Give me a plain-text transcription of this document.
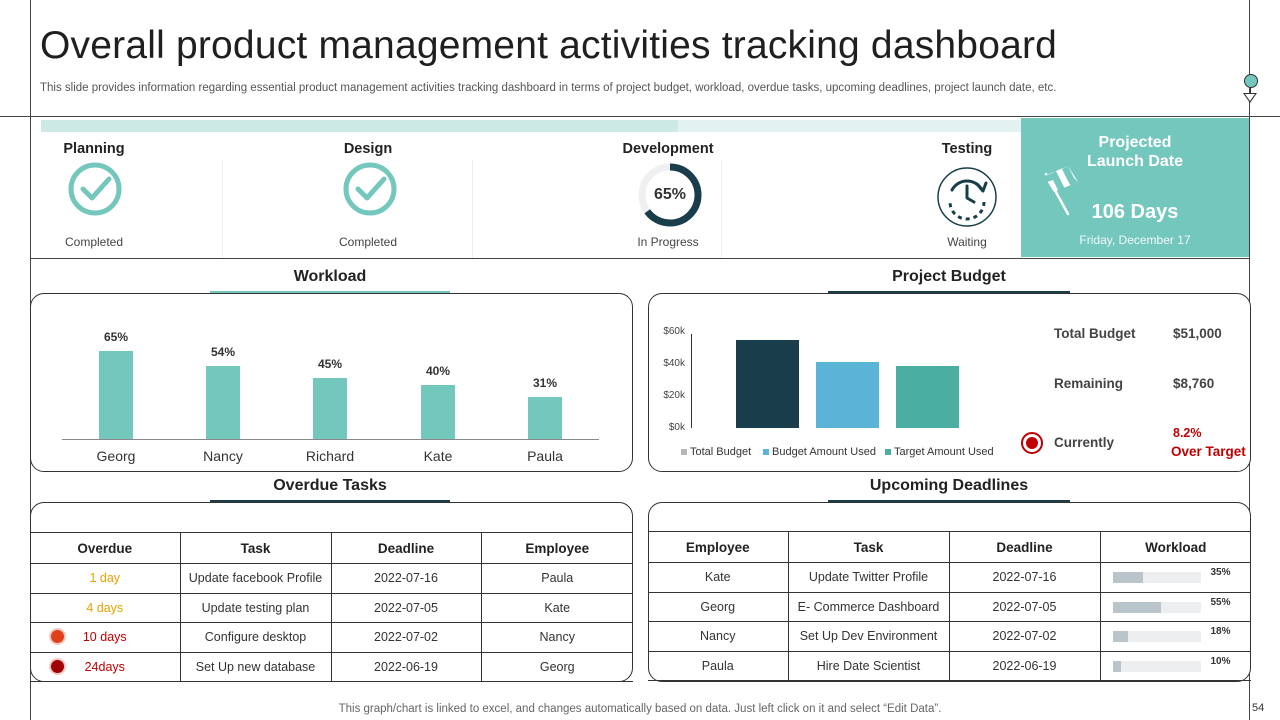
Overall product management activities tracking dashboard
This slide provides information regarding essential product management activities tracking dashboard in terms of project budget, workload, overdue tasks, upcoming deadlines, project launch date, etc.
Planning
Completed
Design
Completed
Development
65%
In Progress
Testing
Waiting
Projected
Launch Date
106 Days
Friday, December 17
Workload
65%
Georg
54%
Nancy
45%
Richard
40%
Kate
31%
Paula
Project Budget
$60k
$40k
$20k
$0k
Total Budget	Budget Amount Used	Target Amount Used
Total Budget	$51,000
Remaining	$8,760
Currently
8.2%
Over Target
Overdue Tasks
Overdue	Task	Deadline	Employee
1 day	Update facebook Profile	2022-07-16	Paula
4 days	Update testing plan	2022-07-05	Kate

10 days	Configure desktop	2022-07-02	Nancy

24days	Set Up new database	2022-06-19	Georg
Upcoming Deadlines
Employee	Task	Deadline	Workload
Kate	Update Twitter Profile	2022-07-16	35%

Georg	E- Commerce Dashboard	2022-07-05	55%

Nancy	Set Up Dev Environment	2022-07-02	18%

Paula	Hire Date Scientist	2022-06-19	10%
This graph/chart is linked to excel, and changes automatically based on data. Just left click on it and select “Edit Data”.	54
